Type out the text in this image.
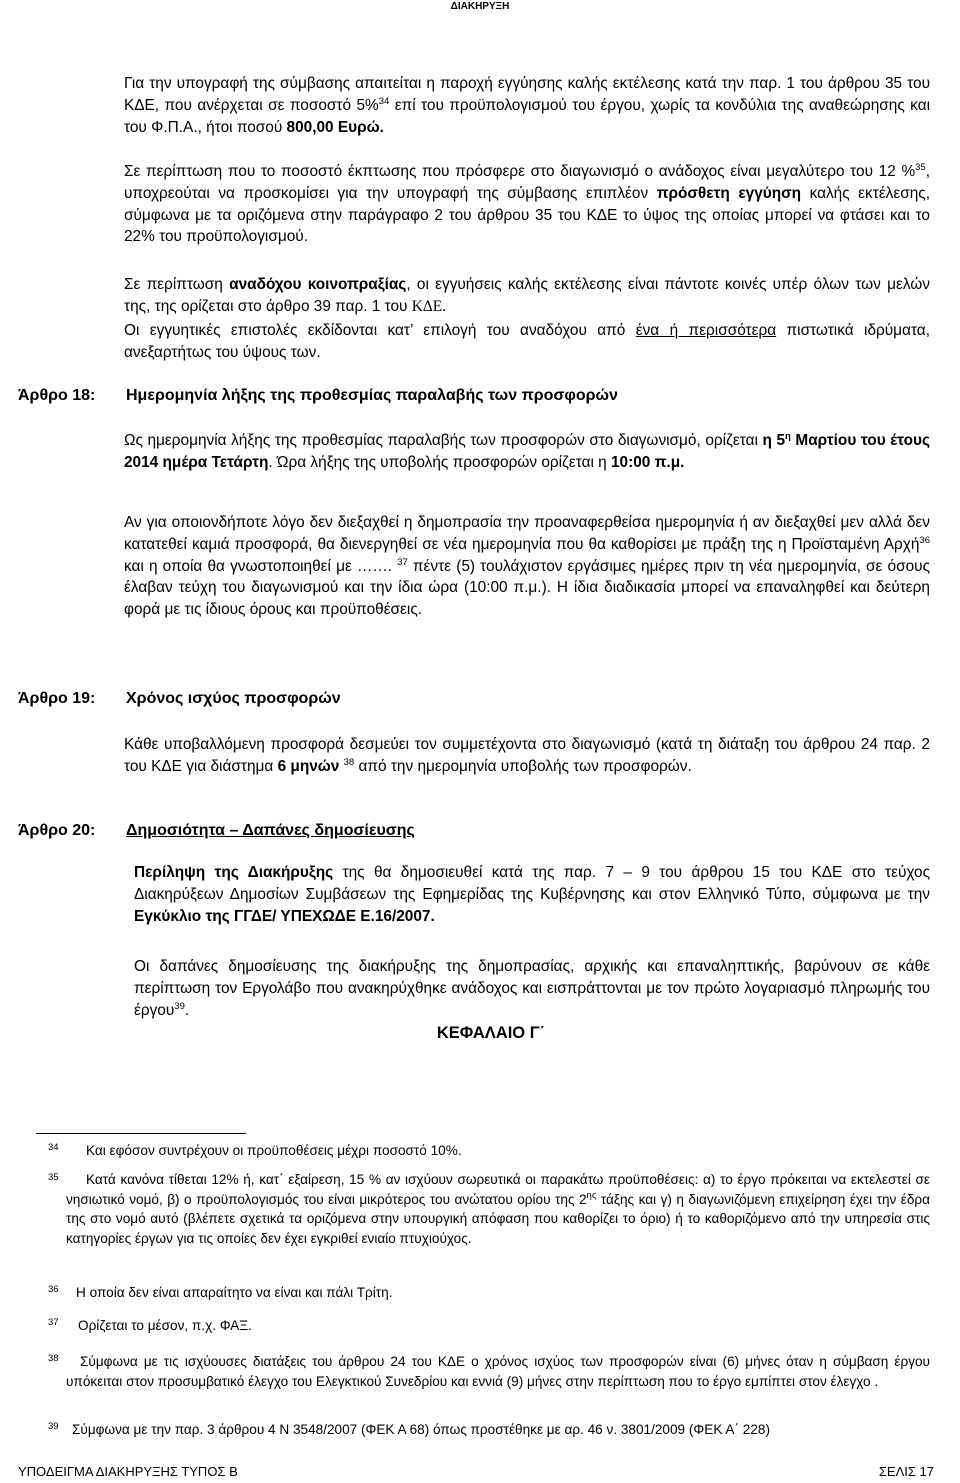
ΔΙΑΚΗΡΥΞΗ
Για την υπογραφή της σύμβασης απαιτείται η παροχή εγγύησης καλής εκτέλεσης κατά την παρ. 1 του άρθρου 35 του ΚΔΕ, που ανέρχεται σε ποσοστό 5%$^{34}$ επί του προϋπολογισμού του έργου, χωρίς τα κονδύλια της αναθεώρησης και του Φ.Π.Α., ήτοι ποσού 800,00 Ευρώ.
Σε περίπτωση που το ποσοστό έκπτωσης που πρόσφερε στο διαγωνισμό ο ανάδοχος είναι μεγαλύτερο του 12 %$^{35}$, υποχρεούται να προσκομίσει για την υπογραφή της σύμβασης επιπλέον πρόσθετη εγγύηση καλής εκτέλεσης, σύμφωνα με τα οριζόμενα στην παράγραφο 2 του άρθρου 35 του ΚΔΕ το ύψος της οποίας μπορεί να φτάσει και το 22% του προϋπολογισμού.
Σε περίπτωση αναδόχου κοινοπραξίας, οι εγγυήσεις καλής εκτέλεσης είναι πάντοτε κοινές υπέρ όλων των μελών της, της ορίζεται στο άρθρο 39 παρ. 1 του ΚΔΕ.
Οι εγγυητικές επιστολές εκδίδονται κατ’ επιλογή του αναδόχου από ένα ή περισσότερα πιστωτικά ιδρύματα, ανεξαρτήτως του ύψους των.
Άρθρο 18: Ημερομηνία λήξης της προθεσμίας παραλαβής των προσφορών
Ως ημερομηνία λήξης της προθεσμίας παραλαβής των προσφορών στο διαγωνισμό, ορίζεται η $5^\eta$ Μαρτίου του έτους 2014 ημέρα Τετάρτη. Ώρα λήξης της υποβολής προσφορών ορίζεται η 10:00 π.μ.
Αν για οποιονδήποτε λόγο δεν διεξαχθεί η δημοπρασία την προαναφερθείσα ημερομηνία ή αν διεξαχθεί μεν αλλά δεν κατατεθεί καμιά προσφορά, θα διενεργηθεί σε νέα ημερομηνία που θα καθορίσει με πράξη της η Προϊσταμένη Αρχή$^{36}$ και η οποία θα γνωστοποιηθεί με ……. $^{37}$ πέντε (5) τουλάχιστον εργάσιμες ημέρες πριν τη νέα ημερομηνία, σε όσους έλαβαν τεύχη του διαγωνισμού και την ίδια ώρα (10:00 π.μ.). Η ίδια διαδικασία μπορεί να επαναληφθεί και δεύτερη φορά με τις ίδιους όρους και προϋποθέσεις.
Άρθρο 19: Χρόνος ισχύος προσφορών
Κάθε υποβαλλόμενη προσφορά δεσμεύει τον συμμετέχοντα στο διαγωνισμό (κατά τη διάταξη του άρθρου 24 παρ. 2 του ΚΔΕ για διάστημα 6 μηνών $^{38}$ από την ημερομηνία υποβολής των προσφορών.
Άρθρο 20: Δημοσιότητα – Δαπάνες δημοσίευσης
Περίληψη της Διακήρυξης της θα δημοσιευθεί κατά της παρ. 7 – 9 του άρθρου 15 του ΚΔΕ στο τεύχος Διακηρύξεων Δημοσίων Συμβάσεων της Εφημερίδας της Κυβέρνησης και στον Ελληνικό Τύπο, σύμφωνα με την Εγκύκλιο της ΓΓΔΕ/ ΥΠΕΧΩΔΕ Ε.16/2007.
Οι δαπάνες δημοσίευσης της διακήρυξης της δημοπρασίας, αρχικής και επαναληπτικής, βαρύνουν σε κάθε περίπτωση τον Εργολάβο που ανακηρύχθηκε ανάδοχος και εισπράττονται με τον πρώτο λογαριασμό πληρωμής του έργου$^{39}$.
ΚΕΦΑΛΑΙΟ Γ΄
34 Και εφόσον συντρέχουν οι προϋποθέσεις μέχρι ποσοστό 10%.
35	Κατά κανόνα τίθεται 12% ή, κατ΄ εξαίρεση, 15 % αν ισχύουν σωρευτικά οι παρακάτω προϋποθέσεις: α) το έργο πρόκειται να εκτελεστεί σε νησιωτικό νομό, β) ο προϋπολογισμός του είναι μικρότερος του ανώτατου ορίου της $2^{\eta\varsigma}$ τάξης και γ) η διαγωνιζόμενη επιχείρηση έχει την έδρα της στο νομό αυτό (βλέπετε σχετικά τα οριζόμενα στην υπουργική απόφαση που καθορίζει το όριο) ή το καθοριζόμενο από την υπηρεσία στις κατηγορίες έργων για τις οποίες δεν έχει εγκριθεί ενιαίο πτυχιούχος.
36 Η οποία δεν είναι απαραίτητο να είναι και πάλι Τρίτη.
37 Ορίζεται το μέσον, π.χ. ΦΑΞ.
38	Σύμφωνα με τις ισχύουσες διατάξεις του άρθρου 24 του ΚΔΕ ο χρόνος ισχύος των προσφορών είναι (6) μήνες όταν η σύμβαση έργου υπόκειται στον προσυμβατικό έλεγχο του Ελεγκτικού Συνεδρίου και εννιά (9) μήνες στην περίπτωση που το έργο εμπίπτει στον έλεγχο .
39 Σύμφωνα με την παρ. 3 άρθρου 4 Ν 3548/2007 (ΦΕΚ Α 68) όπως προστέθηκε με αρ. 46 ν. 3801/2009 (ΦΕΚ Α΄ 228)
ΥΠΟΔΕΙΓΜΑ ΔΙΑΚΗΡΥΞΗΣ ΤΥΠΟΣ Β	ΣΕΛΙΣ 17
